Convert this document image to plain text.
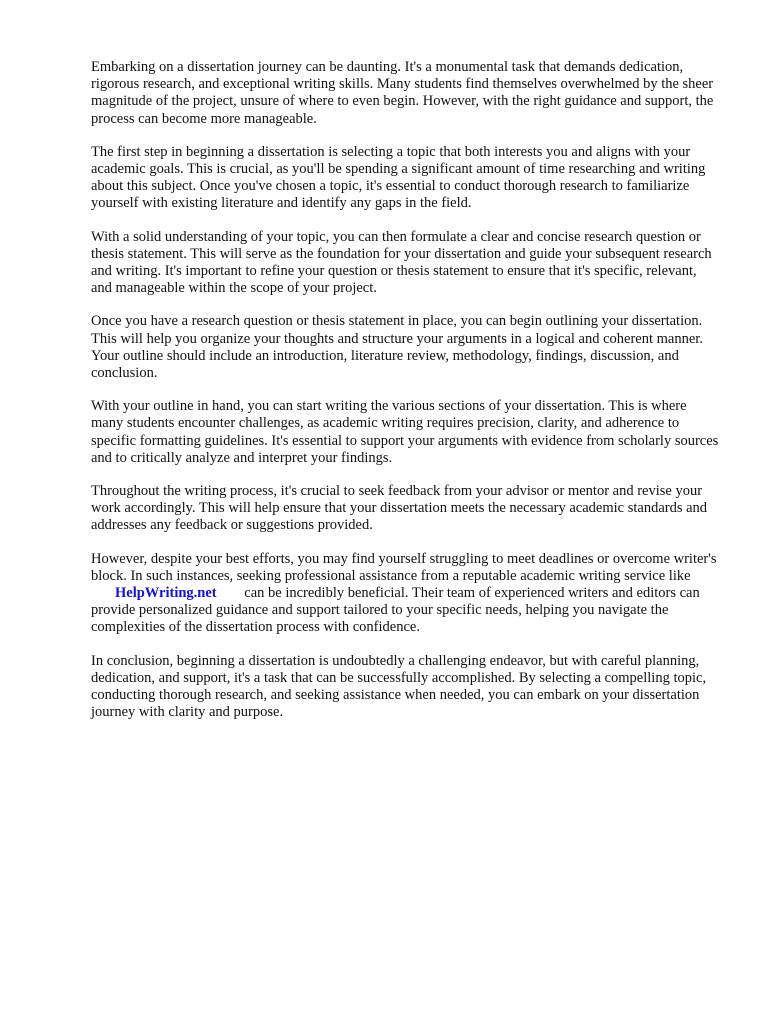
Embarking on a dissertation journey can be daunting. It's a monumental task that demands dedication, rigorous research, and exceptional writing skills. Many students find themselves overwhelmed by the sheer magnitude of the project, unsure of where to even begin. However, with the right guidance and support, the process can become more manageable.

The first step in beginning a dissertation is selecting a topic that both interests you and aligns with your academic goals. This is crucial, as you'll be spending a significant amount of time researching and writing about this subject. Once you've chosen a topic, it's essential to conduct thorough research to familiarize yourself with existing literature and identify any gaps in the field.

With a solid understanding of your topic, you can then formulate a clear and concise research question or thesis statement. This will serve as the foundation for your dissertation and guide your subsequent research and writing. It's important to refine your question or thesis statement to ensure that it's specific, relevant, and manageable within the scope of your project.

Once you have a research question or thesis statement in place, you can begin outlining your dissertation. This will help you organize your thoughts and structure your arguments in a logical and coherent manner. Your outline should include an introduction, literature review, methodology, findings, discussion, and conclusion.

With your outline in hand, you can start writing the various sections of your dissertation. This is where many students encounter challenges, as academic writing requires precision, clarity, and adherence to specific formatting guidelines. It's essential to support your arguments with evidence from scholarly sources and to critically analyze and interpret your findings.

Throughout the writing process, it's crucial to seek feedback from your advisor or mentor and revise your work accordingly. This will help ensure that your dissertation meets the necessary academic standards and addresses any feedback or suggestions provided.

However, despite your best efforts, you may find yourself struggling to meet deadlines or overcome writer's block. In such instances, seeking professional assistance from a reputable academic writing service like HelpWriting.net can be incredibly beneficial. Their team of experienced writers and editors can provide personalized guidance and support tailored to your specific needs, helping you navigate the complexities of the dissertation process with confidence.

In conclusion, beginning a dissertation is undoubtedly a challenging endeavor, but with careful planning, dedication, and support, it's a task that can be successfully accomplished. By selecting a compelling topic, conducting thorough research, and seeking assistance when needed, you can embark on your dissertation journey with clarity and purpose.
